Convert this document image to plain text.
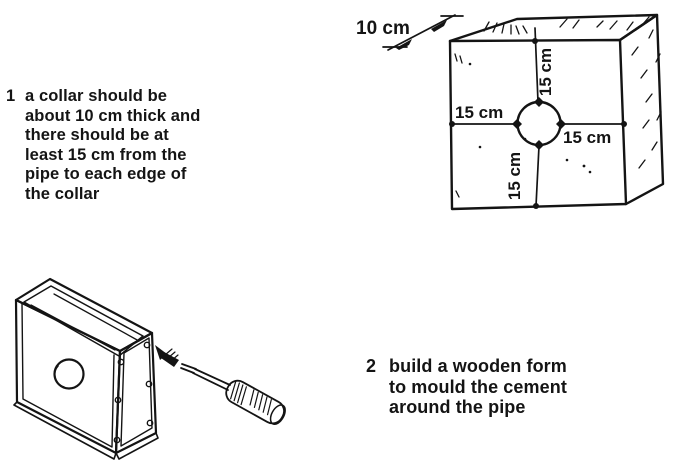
10 cm
15 cm
15 cm
15 cm
15 cm
1 a collar should be
about 10 cm thick and
there should be at
least 15 cm from the
pipe to each edge of
the collar
2 build a wooden form
to mould the cement
around the pipe
